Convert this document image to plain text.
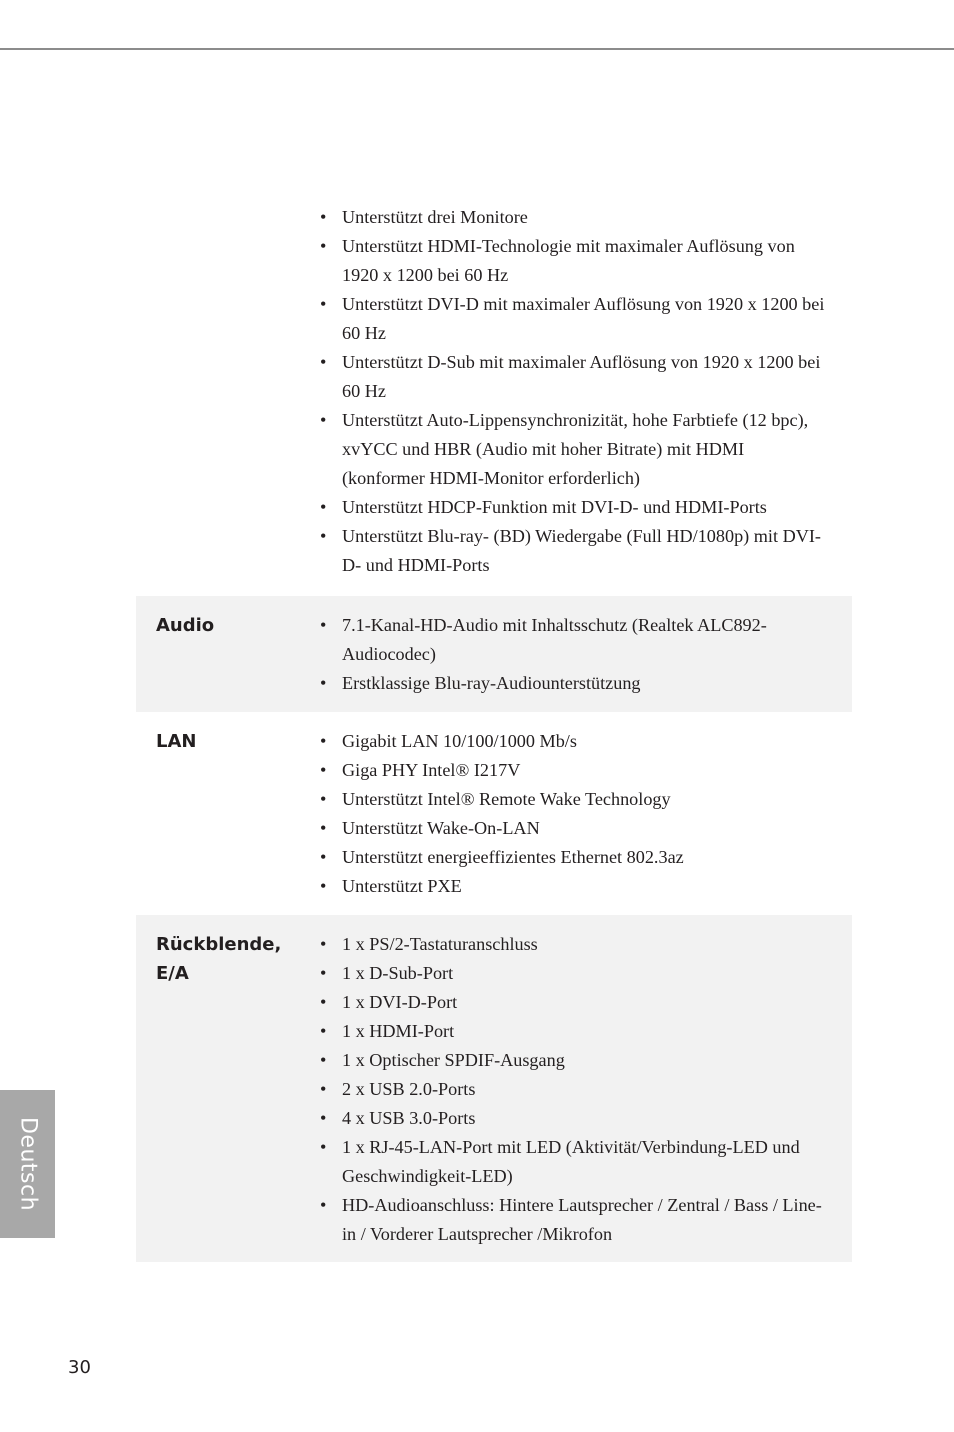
• Unterstützt drei Monitore
• Unterstützt HDMI-Technologie mit maximaler Auflösung von 1920 x 1200 bei 60 Hz
• Unterstützt DVI-D mit maximaler Auflösung von 1920 x 1200 bei 60 Hz
• Unterstützt D-Sub mit maximaler Auflösung von 1920 x 1200 bei 60 Hz
• Unterstützt Auto-Lippensynchronizität, hohe Farbtiefe (12 bpc), xvYCC und HBR (Audio mit hoher Bitrate) mit HDMI (konformer HDMI-Monitor erforderlich)
• Unterstützt HDCP-Funktion mit DVI-D- und HDMI-Ports
• Unterstützt Blu-ray- (BD) Wiedergabe (Full HD/1080p) mit DVI-D- und HDMI-Ports
Audio	• 7.1-Kanal-HD-Audio mit Inhaltsschutz (Realtek ALC892-Audiocodec)
• Erstklassige Blu-ray-Audiounterstützung
LAN	• Gigabit LAN 10/100/1000 Mb/s
• Giga PHY Intel® I217V
• Unterstützt Intel® Remote Wake Technology
• Unterstützt Wake-On-LAN
• Unterstützt energieeffizientes Ethernet 802.3az
• Unterstützt PXE
Rückblende,
E/A
• 1 x PS/2-Tastaturanschluss
• 1 x D-Sub-Port
• 1 x DVI-D-Port
• 1 x HDMI-Port
• 1 x Optischer SPDIF-Ausgang
• 2 x USB 2.0-Ports
• 4 x USB 3.0-Ports
• 1 x RJ-45-LAN-Port mit LED (Aktivität/Verbindung-LED und Geschwindigkeit-LED)
• HD-Audioanschluss: Hintere Lautsprecher / Zentral / Bass / Line-in / Vorderer Lautsprecher /Mikrofon
Deutsch
30
